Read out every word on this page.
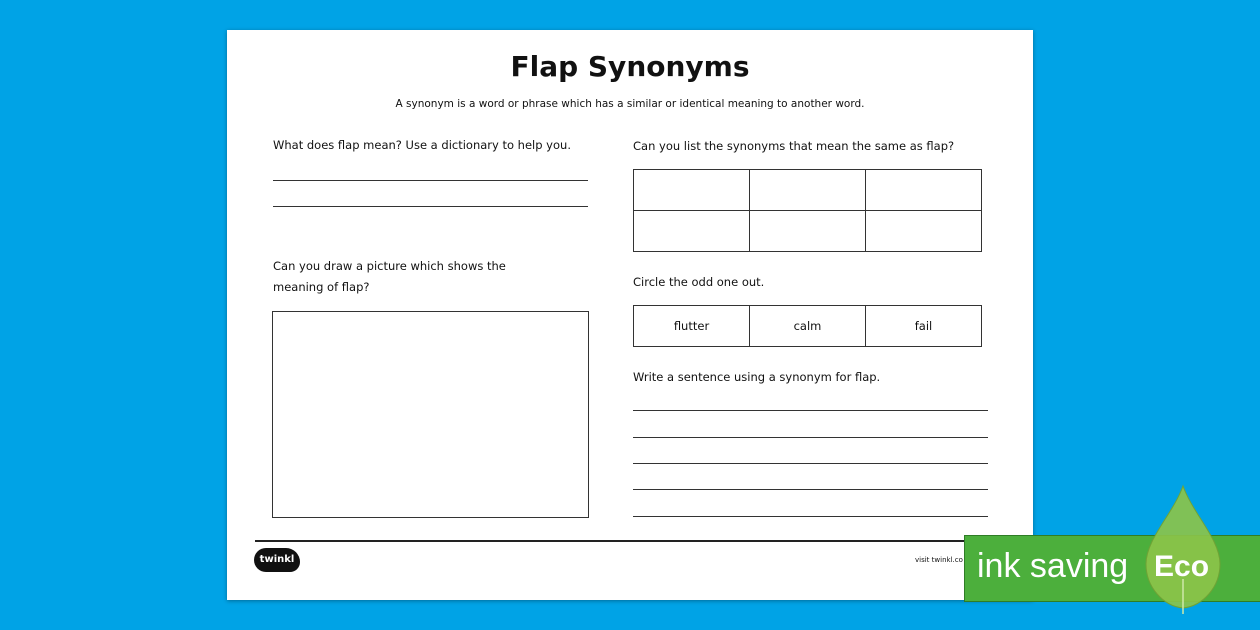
Flap Synonyms
A synonym is a word or phrase which has a similar or identical meaning to another word.
What does flap mean? Use a dictionary to help you.
Can you draw a picture which shows the
meaning of flap?
Can you list the synonyms that mean the same as flap?

Circle the odd one out.
flutter	calm	fail
Write a sentence using a synonym for flap.
twinkl	visit twinkl.co ink saving Eco
